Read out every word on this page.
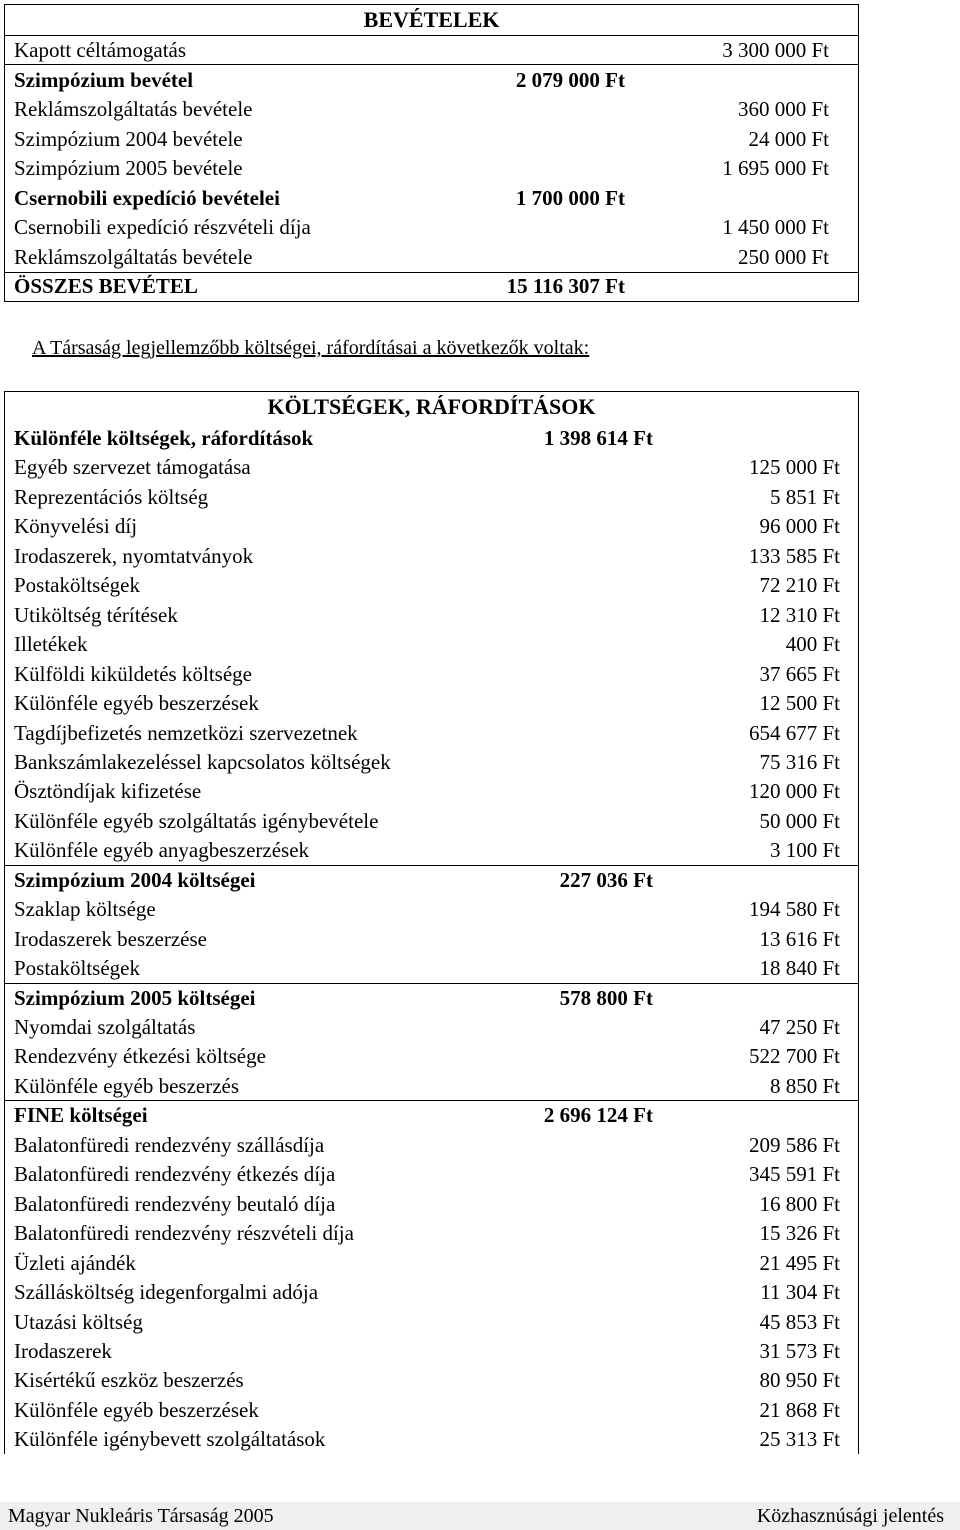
BEVÉTELEK
Kapott céltámogatás	3 300 000 Ft
Szimpózium bevétel	2 079 000 Ft
Reklámszolgáltatás bevétele	360 000 Ft
Szimpózium 2004 bevétele	24 000 Ft
Szimpózium 2005 bevétele	1 695 000 Ft
Csernobili expedíció bevételei	1 700 000 Ft
Csernobili expedíció részvételi díja	1 450 000 Ft
Reklámszolgáltatás bevétele	250 000 Ft
ÖSSZES BEVÉTEL	15 116 307 Ft
A Társaság legjellemzőbb költségei, ráfordításai a következők voltak:
KÖLTSÉGEK, RÁFORDÍTÁSOK
Különféle költségek, ráfordítások	1 398 614 Ft
Egyéb szervezet támogatása	125 000 Ft
Reprezentációs költség	5 851 Ft
Könyvelési díj	96 000 Ft
Irodaszerek, nyomtatványok	133 585 Ft
Postaköltségek	72 210 Ft
Utiköltség térítések	12 310 Ft
Illetékek	400 Ft
Külföldi kiküldetés költsége	37 665 Ft
Különféle egyéb beszerzések	12 500 Ft
Tagdíjbefizetés nemzetközi szervezetnek	654 677 Ft
Bankszámlakezeléssel kapcsolatos költségek	75 316 Ft
Ösztöndíjak kifizetése	120 000 Ft
Különféle egyéb szolgáltatás igénybevétele	50 000 Ft
Különféle egyéb anyagbeszerzések	3 100 Ft
Szimpózium 2004 költségei	227 036 Ft
Szaklap költsége	194 580 Ft
Irodaszerek beszerzése	13 616 Ft
Postaköltségek	18 840 Ft
Szimpózium 2005 költségei	578 800 Ft
Nyomdai szolgáltatás	47 250 Ft
Rendezvény étkezési költsége	522 700 Ft
Különféle egyéb beszerzés	8 850 Ft
FINE költségei	2 696 124 Ft
Balatonfüredi rendezvény szállásdíja	209 586 Ft
Balatonfüredi rendezvény étkezés díja	345 591 Ft
Balatonfüredi rendezvény beutaló díja	16 800 Ft
Balatonfüredi rendezvény részvételi díja	15 326 Ft
Üzleti ajándék	21 495 Ft
Szállásköltség idegenforgalmi adója	11 304 Ft
Utazási költség	45 853 Ft
Irodaszerek	31 573 Ft
Kisértékű eszköz beszerzés	80 950 Ft
Különféle egyéb beszerzések	21 868 Ft
Különféle igénybevett szolgáltatások	25 313 Ft
Magyar Nukleáris Társaság 2005	Közhasznúsági jelentés
